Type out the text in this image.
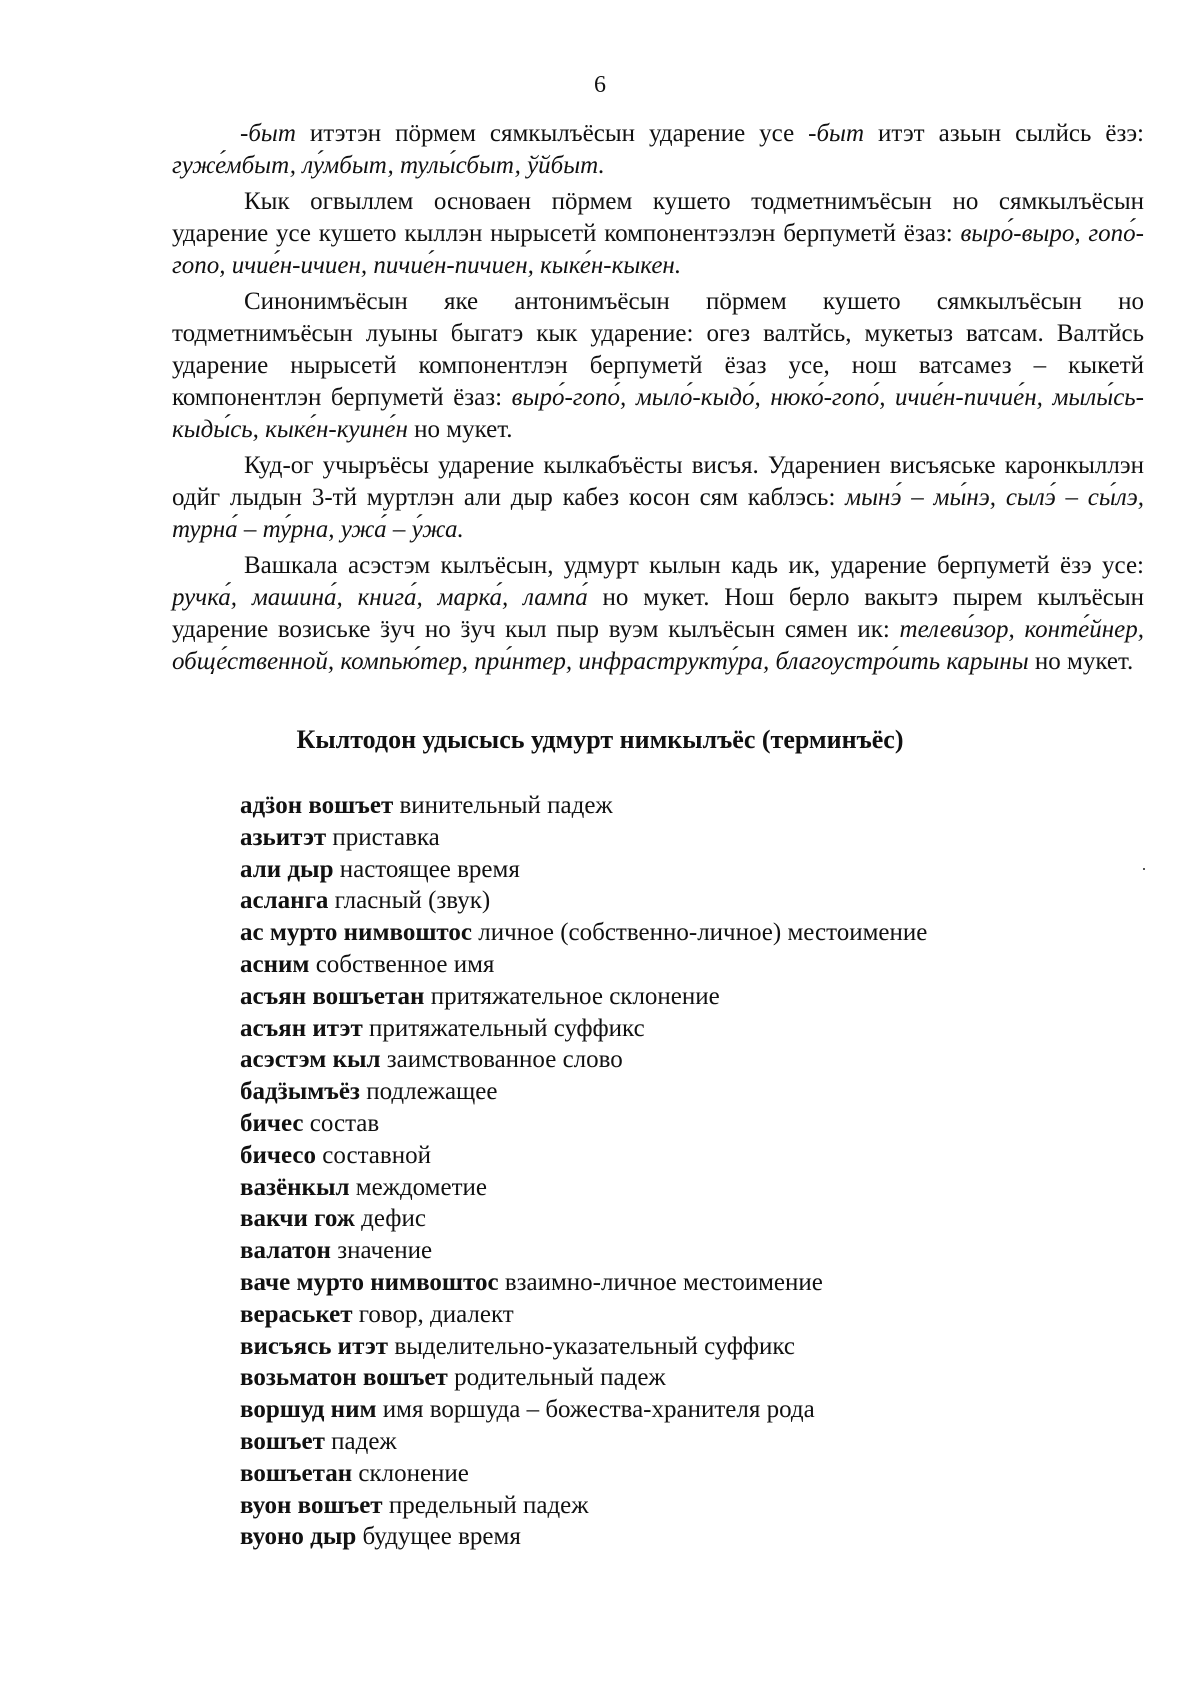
6

-быт итэтэн пöрмем сямкылъёсын ударение усе -быт итэт азьын сылйсь ёзэ: гуже́мбыт, лу́мбыт, тулы́сбыт, ўйбыт.

Кык огвыллем основаен пöрмем кушето тодметнимъёсын но сямкылъёсын ударение усе кушето кыллэн нырысетй компонентэзлэн берпуметй ёзаз: выро́-выро, гопо́-гопо, ичие́н-ичиен, пичие́н-пичиен, кыке́н-кыкен.

Синонимъёсын яке антонимъёсын пöрмем кушето сямкылъёсын но тодметнимъёсын луыны быгатэ кык ударение: огез валтйсь, мукетыз ватсам. Валтйсь ударение нырысетй компонентлэн берпуметй ёзаз усе, нош ватсамез – кыкетй компонентлэн берпуметй ёзаз: выро́-гопо́, мыло́-кыдо́, нюко́-гопо́, ичие́н-пичие́н, мылы́сь-кыды́сь, кыке́н-куине́н но мукет.

Куд-ог учыръёсы ударение кылкабъёсты висъя. Ударениен висъяське каронкыллэн одйг лыдын 3-тй муртлэн али дыр кабез косон сям каблэсь: мынэ́ – мы́нэ, сылэ́ – сы́лэ, турна́ – ту́рна, ужа́ – у́жа.

Вашкала асэстэм кылъёсын, удмурт кылын кадь ик, ударение берпуметй ёзэ усе: ручка́, машина́, книга́, марка́, лампа́ но мукет. Нош берло вакытэ пырем кылъёсын ударение возиське ӟуч но ӟуч кыл пыр вуэм кылъёсын сямен ик: телеви́зор, конте́йнер, обще́ственной, компью́тер, при́нтер, инфраструкту́ра, благоустро́ить карыны но мукет.

Кылтодон удысысь удмурт нимкылъёс (терминъёс)
адӟон вошъет винительный падеж
азьитэт приставка
али дыр настоящее время
асланга гласный (звук)
ас мурто нимвоштос личное (собственно-личное) местоимение
асним собственное имя
асъян вошъетан притяжательное склонение
асъян итэт притяжательный суффикс
асэстэм кыл заимствованное слово
бадӟымъёз подлежащее
бичес состав
бичесо составной
вазёнкыл междометие
вакчи гож дефис
валатон значение
ваче мурто нимвоштос взаимно-личное местоимение
вераськет говор, диалект
висъясь итэт выделительно-указательный суффикс
возьматон вошъет родительный падеж
воршуд ним имя воршуда – божества-хранителя рода
вошъет падеж
вошъетан склонение
вуон вошъет предельный падеж
вуоно дыр будущее время
